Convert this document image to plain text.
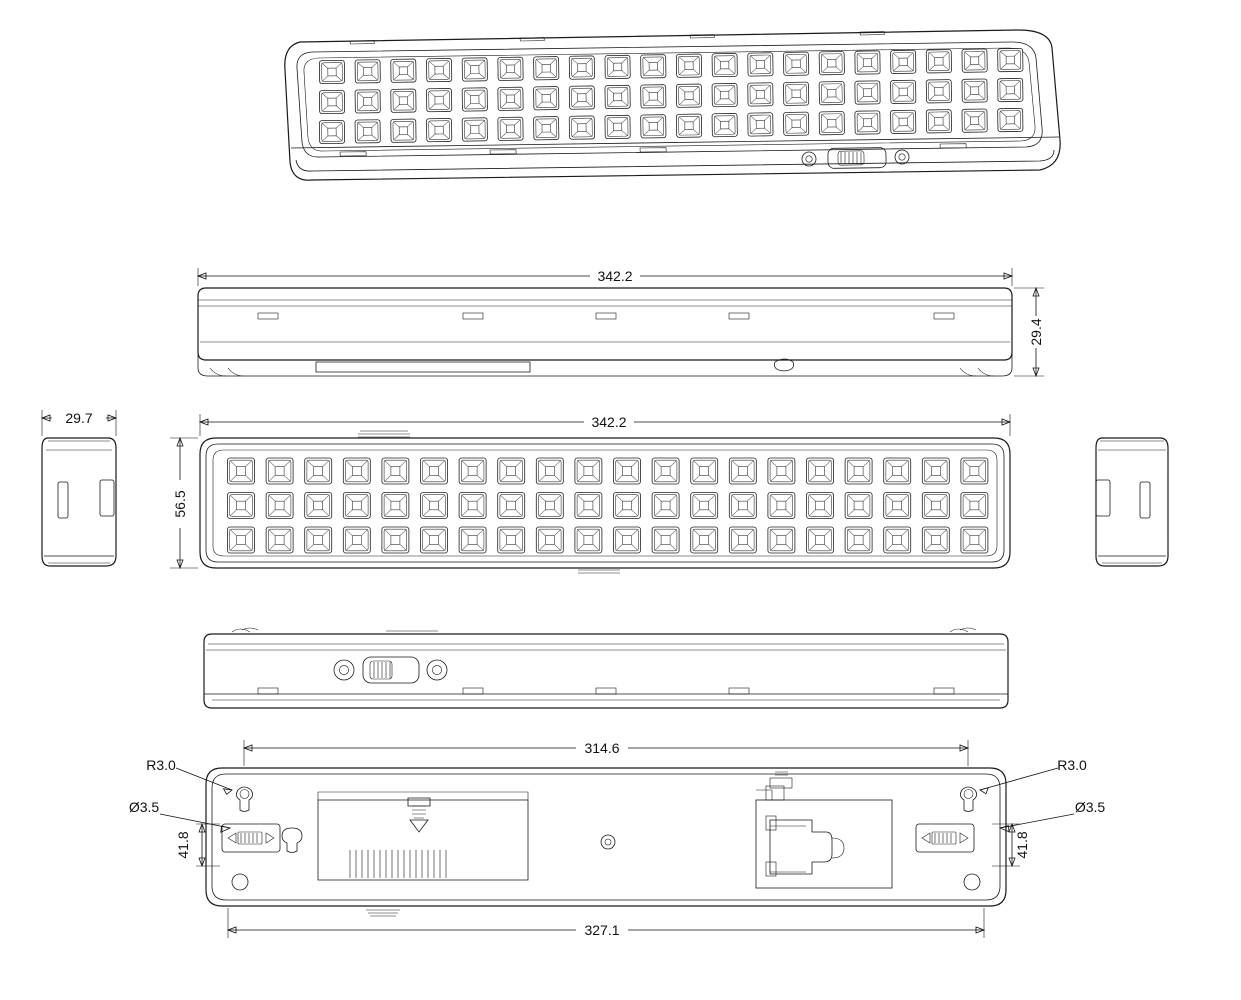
342.2
29.4
29.7	342.2
56.5
314.6
327.1
R3.0	R3.0
Ø3.5	Ø3.5
41.8	41.8
